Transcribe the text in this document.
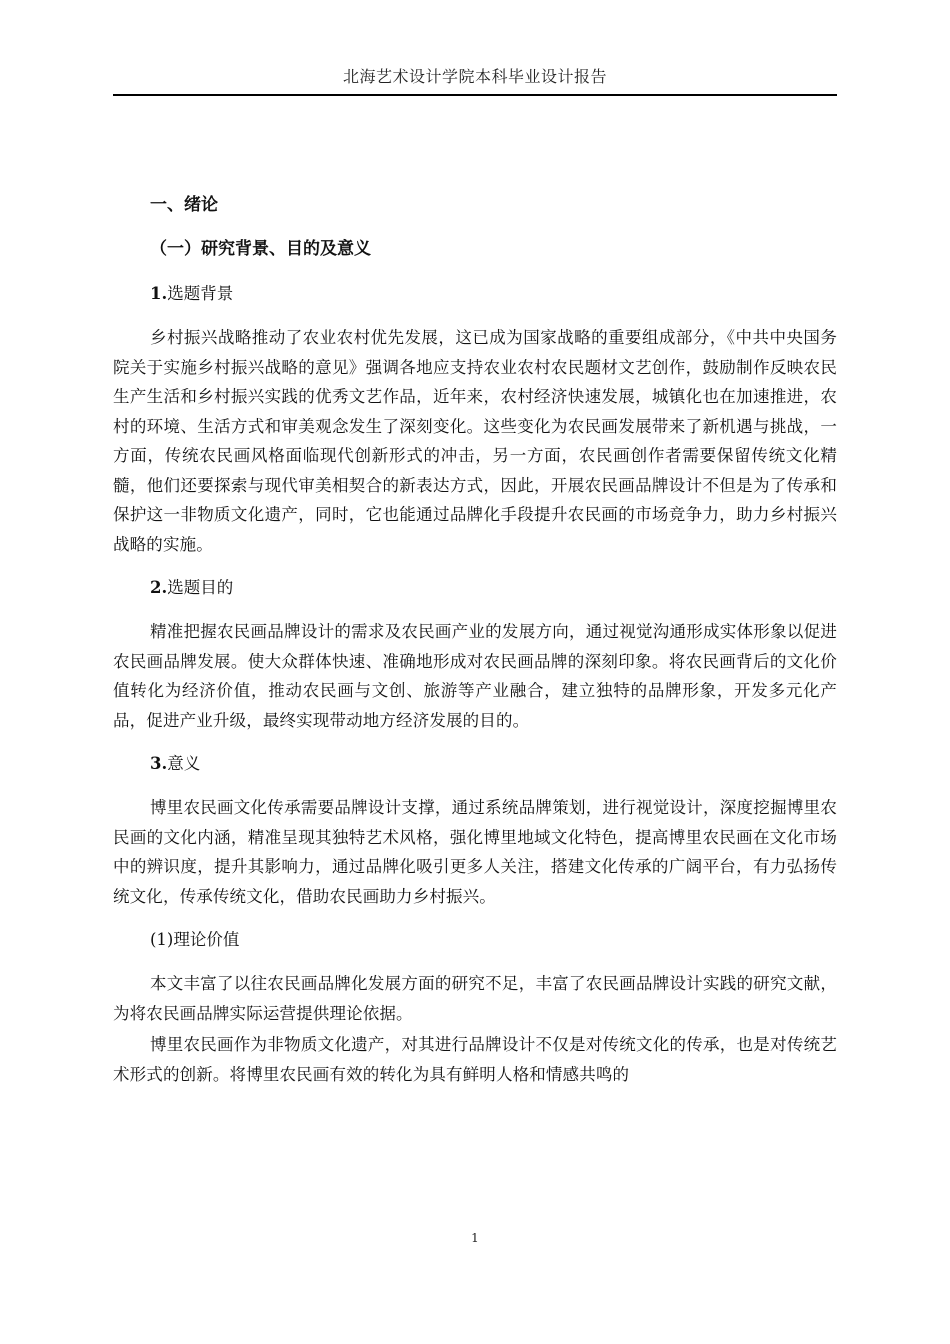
北海艺术设计学院本科毕业设计报告
一、绪论
（一）研究背景、目的及意义
1.选题背景

乡村振兴战略推动了农业农村优先发展，这已成为国家战略的重要组成部分，《中共中央国务院关于实施乡村振兴战略的意见》强调各地应支持农业农村农民题材文艺创作，鼓励制作反映农民生产生活和乡村振兴实践的优秀文艺作品，近年来，农村经济快速发展，城镇化也在加速推进，农村的环境、生活方式和审美观念发生了深刻变化。这些变化为农民画发展带来了新机遇与挑战，一方面，传统农民画风格面临现代创新形式的冲击，另一方面，农民画创作者需要保留传统文化精髓，他们还要探索与现代审美相契合的新表达方式，因此，开展农民画品牌设计不但是为了传承和保护这一非物质文化遗产，同时，它也能通过品牌化手段提升农民画的市场竞争力，助力乡村振兴战略的实施。

2.选题目的

精准把握农民画品牌设计的需求及农民画产业的发展方向，通过视觉沟通形成实体形象以促进农民画品牌发展。使大众群体快速、准确地形成对农民画品牌的深刻印象。将农民画背后的文化价值转化为经济价值，推动农民画与文创、旅游等产业融合，建立独特的品牌形象，开发多元化产品，促进产业升级，最终实现带动地方经济发展的目的。

3.意义

博里农民画文化传承需要品牌设计支撑，通过系统品牌策划，进行视觉设计，深度挖掘博里农民画的文化内涵，精准呈现其独特艺术风格，强化博里地域文化特色，提高博里农民画在文化市场中的辨识度，提升其影响力，通过品牌化吸引更多人关注，搭建文化传承的广阔平台，有力弘扬传统文化，传承传统文化，借助农民画助力乡村振兴。

(1)理论价值

本文丰富了以往农民画品牌化发展方面的研究不足，丰富了农民画品牌设计实践的研究文献，为将农民画品牌实际运营提供理论依据。

博里农民画作为非物质文化遗产，对其进行品牌设计不仅是对传统文化的传承，也是对传统艺术形式的创新。将博里农民画有效的转化为具有鲜明人格和情感共鸣的

1
